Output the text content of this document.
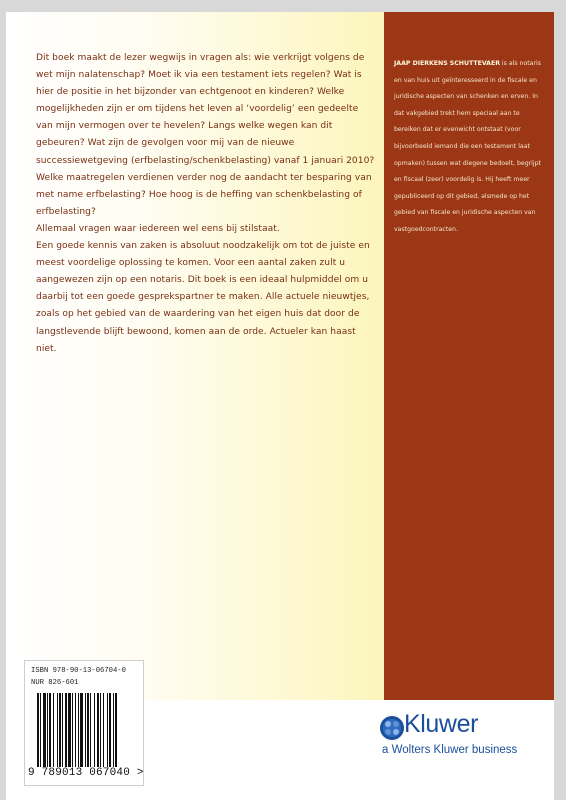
Dit boek maakt de lezer wegwijs in vragen als: wie verkrijgt volgens de wet mijn nalatenschap? Moet ik via een testament iets regelen? Wat is hier de positie in het bijzonder van echtgenoot en kinderen? Welke mogelijkheden zijn er om tijdens het leven al ‘voordelig’ een gedeelte van mijn vermogen over te hevelen? Langs welke wegen kan dit gebeuren? Wat zijn de gevolgen voor mij van de nieuwe successiewetgeving (erfbelasting/schenkbelasting) vanaf 1 januari 2010? Welke maatregelen verdienen verder nog de aandacht ter besparing van met name erfbelasting? Hoe hoog is de heffing van schenkbelasting of erfbelasting?

Allemaal vragen waar iedereen wel eens bij stilstaat.

Een goede kennis van zaken is absoluut noodzakelijk om tot de juiste en meest voordelige oplossing te komen. Voor een aantal zaken zult u aangewezen zijn op een notaris. Dit boek is een ideaal hulpmiddel om u daarbij tot een goede gesprekspartner te maken. Alle actuele nieuwtjes, zoals op het gebied van de waardering van het eigen huis dat door de langstlevende blijft bewoond, komen aan de orde. Actueler kan haast niet.

JAAP DIERKENS SCHUTTEVAER is als notaris en van huis uit geïnteresseerd in de fiscale en juridische aspecten van schenken en erven. In dat vakgebied trekt hem speciaal aan te bereiken dat er evenwicht ontstaat (voor bijvoorbeeld iemand die een testament laat opmaken) tussen wat diegene bedoelt, begrijpt en fiscaal (zeer) voordelig is. Hij heeft meer gepubliceerd op dit gebied, alsmede op het gebied van fiscale en juridische aspecten van vastgoedcontracten.
ISBN 978-90-13-06704-0
NUR 826-601
9 789013 067040 >
Kluwer
a Wolters Kluwer business
